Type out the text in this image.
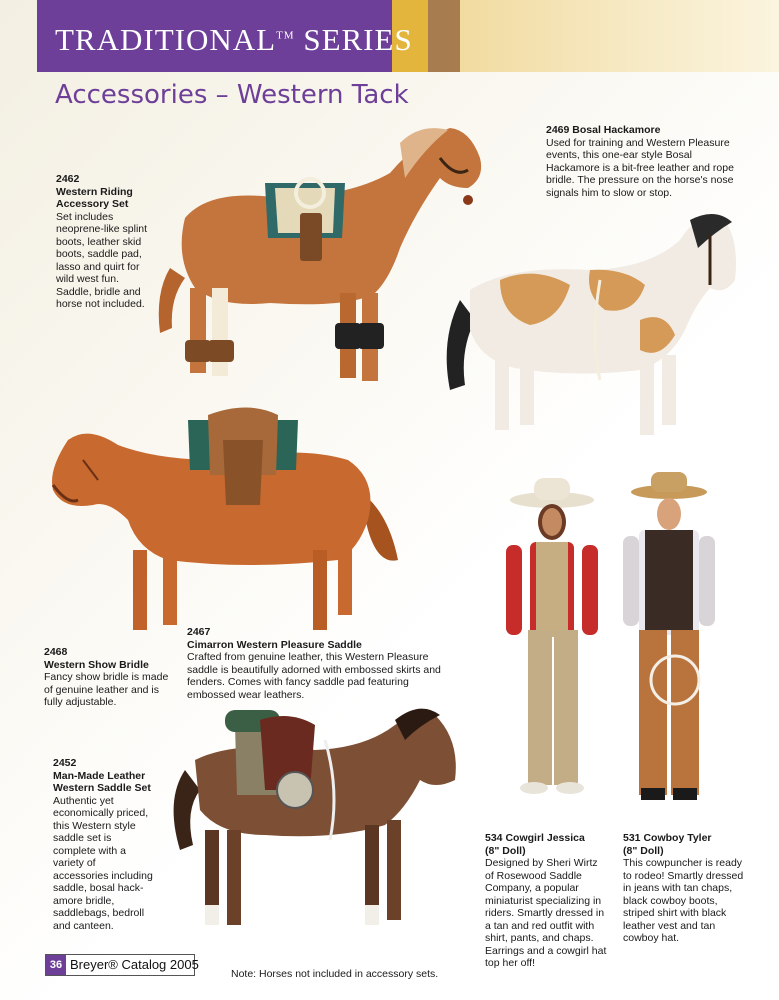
TRADITIONAL™ SERIES
Accessories – Western Tack
2462
Western Riding Accessory Set
Set includes neoprene-like splint boots, leather skid boots, saddle pad, lasso and quirt for wild west fun. Saddle, bridle and horse not included.
2469 Bosal Hackamore
Used for training and Western Pleasure events, this one-ear style Bosal Hackamore is a bit-free leather and rope bridle. The pressure on the horse's nose signals him to slow or stop.
2468
Western Show Bridle
Fancy show bridle is made of genuine leather and is fully adjustable.
2467
Cimarron Western Pleasure Saddle
Crafted from genuine leather, this Western Pleasure saddle is beautifully adorned with embossed skirts and fenders. Comes with fancy saddle pad featuring embossed wear leathers.
2452
Man-Made Leather Western Saddle Set
Authentic yet economically priced, this Western style saddle set is complete with a variety of accessories including saddle, bosal hack-amore bridle, saddlebags, bedroll and canteen.
534 Cowgirl Jessica
(8" Doll)
Designed by Sheri Wirtz of Rosewood Saddle Company, a popular miniaturist specializing in riders. Smartly dressed in a tan and red outfit with shirt, pants, and chaps. Earrings and a cowgirl hat top her off!
531 Cowboy Tyler
(8" Doll)
This cowpuncher is ready to rodeo! Smartly dressed in jeans with tan chaps, black cowboy boots, striped shirt with black leather vest and tan cowboy hat.
36 Breyer® Catalog 2005
Note: Horses not included in accessory sets.
